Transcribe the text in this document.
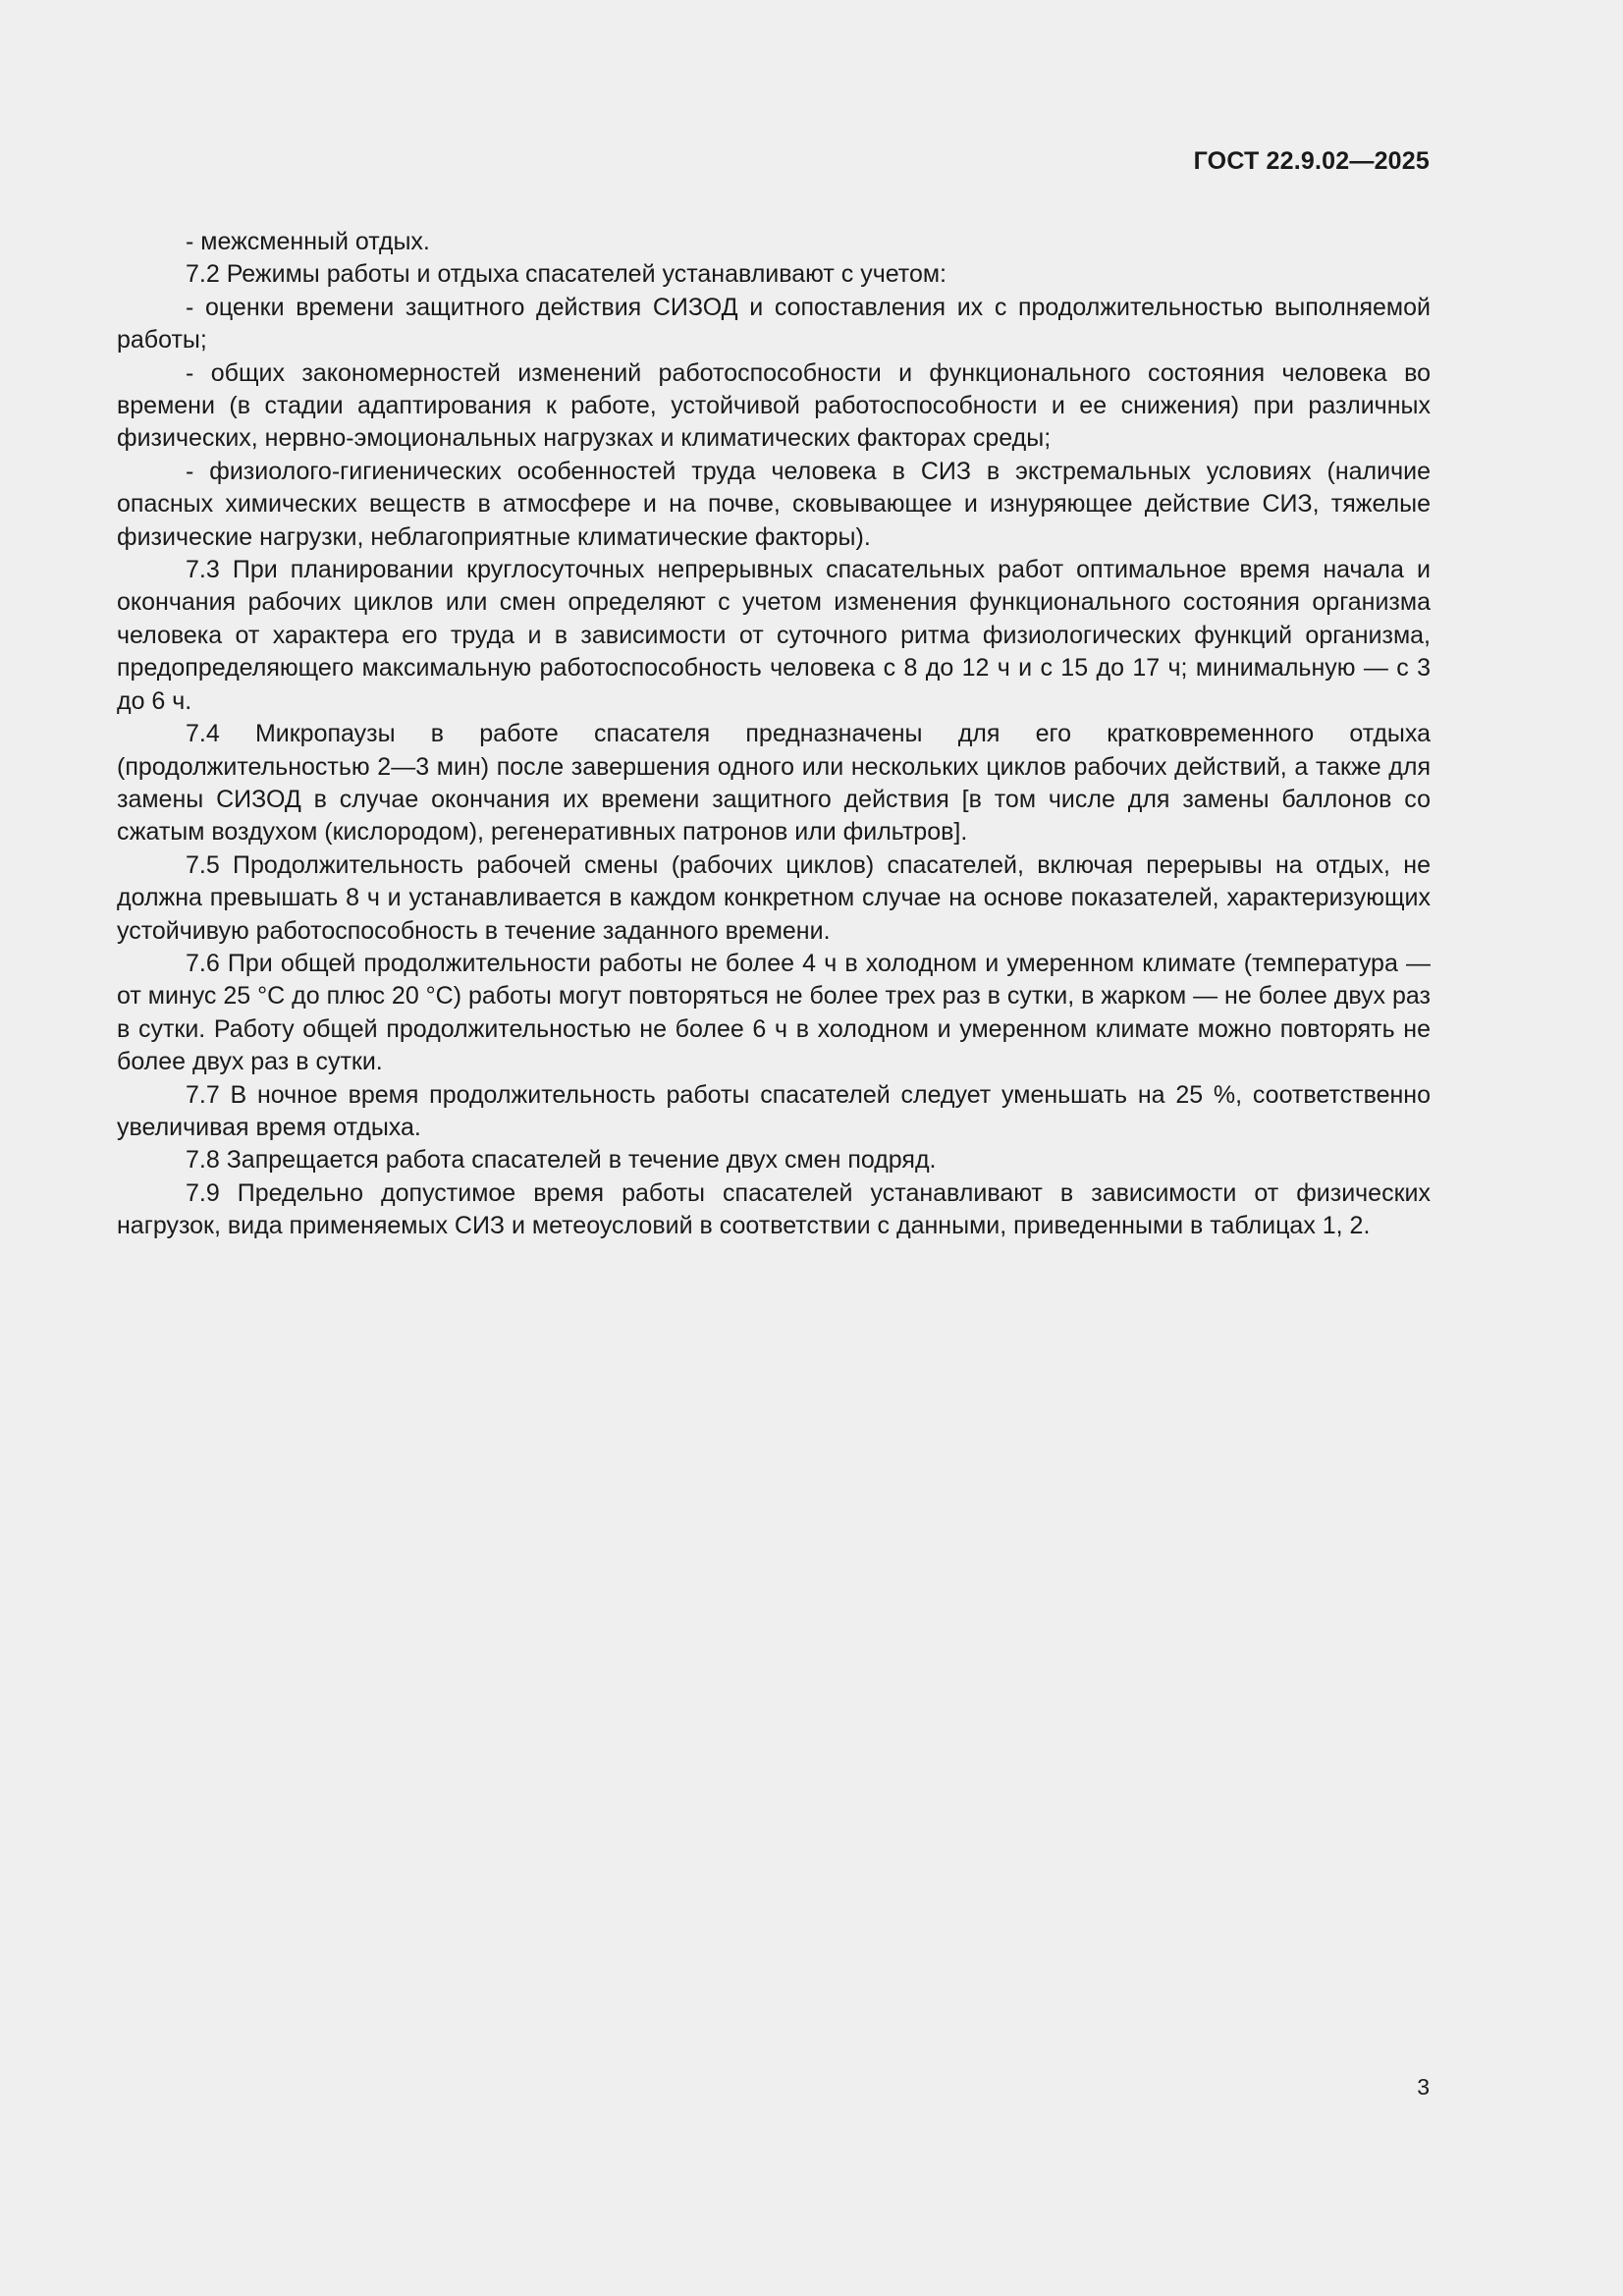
ГОСТ 22.9.02—2025

- межсменный отдых.

7.2 Режимы работы и отдыха спасателей устанавливают с учетом:

- оценки времени защитного действия СИЗОД и сопоставления их с продолжительностью выполняемой работы;

- общих закономерностей изменений работоспособности и функционального состояния человека во времени (в стадии адаптирования к работе, устойчивой работоспособности и ее снижения) при различных физических, нервно-эмоциональных нагрузках и климатических факторах среды;

- физиолого-гигиенических особенностей труда человека в СИЗ в экстремальных условиях (наличие опасных химических веществ в атмосфере и на почве, сковывающее и изнуряющее действие СИЗ, тяжелые физические нагрузки, неблагоприятные климатические факторы).

7.3 При планировании круглосуточных непрерывных спасательных работ оптимальное время начала и окончания рабочих циклов или смен определяют с учетом изменения функционального состояния организма человека от характера его труда и в зависимости от суточного ритма физиологических функций организма, предопределяющего максимальную работоспособность человека с 8 до 12 ч и с 15 до 17 ч; минимальную — с 3 до 6 ч.

7.4 Микропаузы в работе спасателя предназначены для его кратковременного отдыха (продолжительностью 2—3 мин) после завершения одного или нескольких циклов рабочих действий, а также для замены СИЗОД в случае окончания их времени защитного действия [в том числе для замены баллонов со сжатым воздухом (кислородом), регенеративных патронов или фильтров].

7.5 Продолжительность рабочей смены (рабочих циклов) спасателей, включая перерывы на отдых, не должна превышать 8 ч и устанавливается в каждом конкретном случае на основе показателей, характеризующих устойчивую работоспособность в течение заданного времени.

7.6 При общей продолжительности работы не более 4 ч в холодном и умеренном климате (температура — от минус 25 °С до плюс 20 °С) работы могут повторяться не более трех раз в сутки, в жарком — не более двух раз в сутки. Работу общей продолжительностью не более 6 ч в холодном и умеренном климате можно повторять не более двух раз в сутки.

7.7 В ночное время продолжительность работы спасателей следует уменьшать на 25 %, соответственно увеличивая время отдыха.

7.8 Запрещается работа спасателей в течение двух смен подряд.

7.9 Предельно допустимое время работы спасателей устанавливают в зависимости от физических нагрузок, вида применяемых СИЗ и метеоусловий в соответствии с данными, приведенными в таблицах 1, 2.

3
